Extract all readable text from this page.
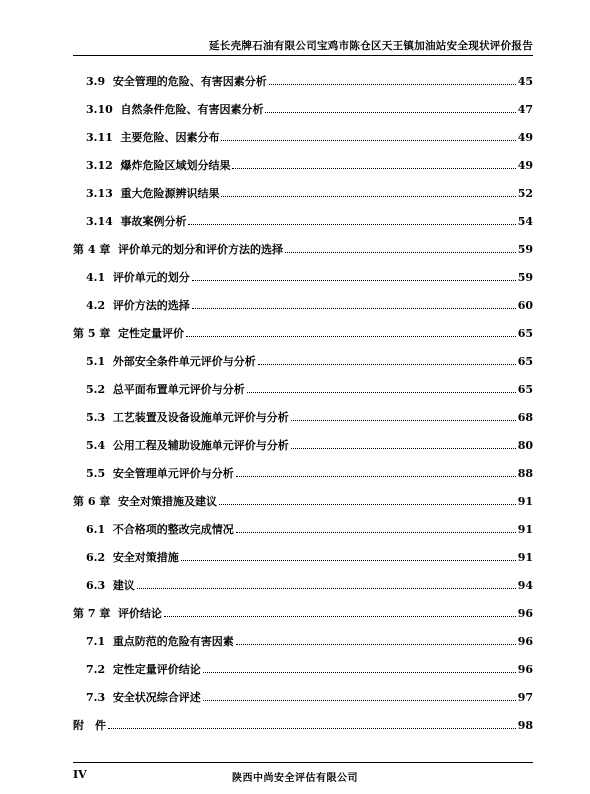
延长壳牌石油有限公司宝鸡市陈仓区天王镇加油站安全现状评价报告
3.9 安全管理的危险、有害因素分析	45
3.10 自然条件危险、有害因素分析	47
3.11 主要危险、因素分布	49
3.12 爆炸危险区域划分结果	49
3.13 重大危险源辨识结果	52
3.14 事故案例分析	54
第 4 章 评价单元的划分和评价方法的选择	59
4.1 评价单元的划分	59
4.2 评价方法的选择	60
第 5 章 定性定量评价	65
5.1 外部安全条件单元评价与分析	65
5.2 总平面布置单元评价与分析	65
5.3 工艺装置及设备设施单元评价与分析	68
5.4 公用工程及辅助设施单元评价与分析	80
5.5 安全管理单元评价与分析	88
第 6 章 安全对策措施及建议	91
6.1 不合格项的整改完成情况	91
6.2 安全对策措施	91
6.3 建议	94
第 7 章 评价结论	96
7.1 重点防范的危险有害因素	96
7.2 定性定量评价结论	96
7.3 安全状况综合评述	97
附　件	98
IV	陕西中尚安全评估有限公司
